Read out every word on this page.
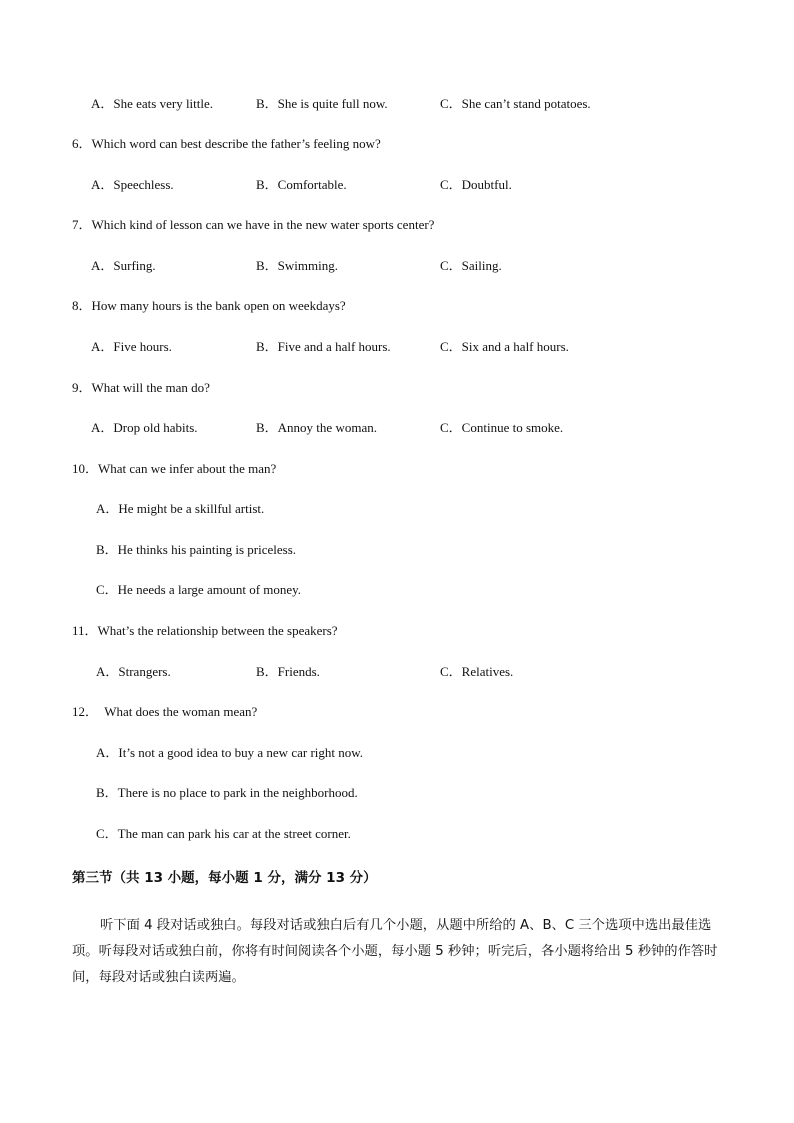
A．She eats very little.	B．She is quite full now.	C．She can’t stand potatoes.
6．Which word can best describe the father’s feeling now?
A．Speechless.	B．Comfortable.	C．Doubtful.
7．Which kind of lesson can we have in the new water sports center?
A．Surfing.	B．Swimming.	C．Sailing.
8．How many hours is the bank open on weekdays?
A．Five hours.	B．Five and a half hours.	C．Six and a half hours.
9．What will the man do?
A．Drop old habits.	B．Annoy the woman.	C．Continue to smoke.
10．What can we infer about the man?
A．He might be a skillful artist.
B．He thinks his painting is priceless.
C．He needs a large amount of money.
11．What’s the relationship between the speakers?
A．Strangers.	B．Friends.	C．Relatives.
12．  What does the woman mean?
A．It’s not a good idea to buy a new car right now.
B．There is no place to park in the neighborhood.
C．The man can park his car at the street corner.
第三节（共 13 小题，每小题 1 分，满分 13 分）

听下面 4 段对话或独白。每段对话或独白后有几个小题，从题中所给的 A、B、C 三个选项中选出最佳选项。听每段对话或独白前，你将有时间阅读各个小题，每小题 5 秒钟；听完后，各小题将给出 5 秒钟的作答时间，每段对话或独白读两遍。
